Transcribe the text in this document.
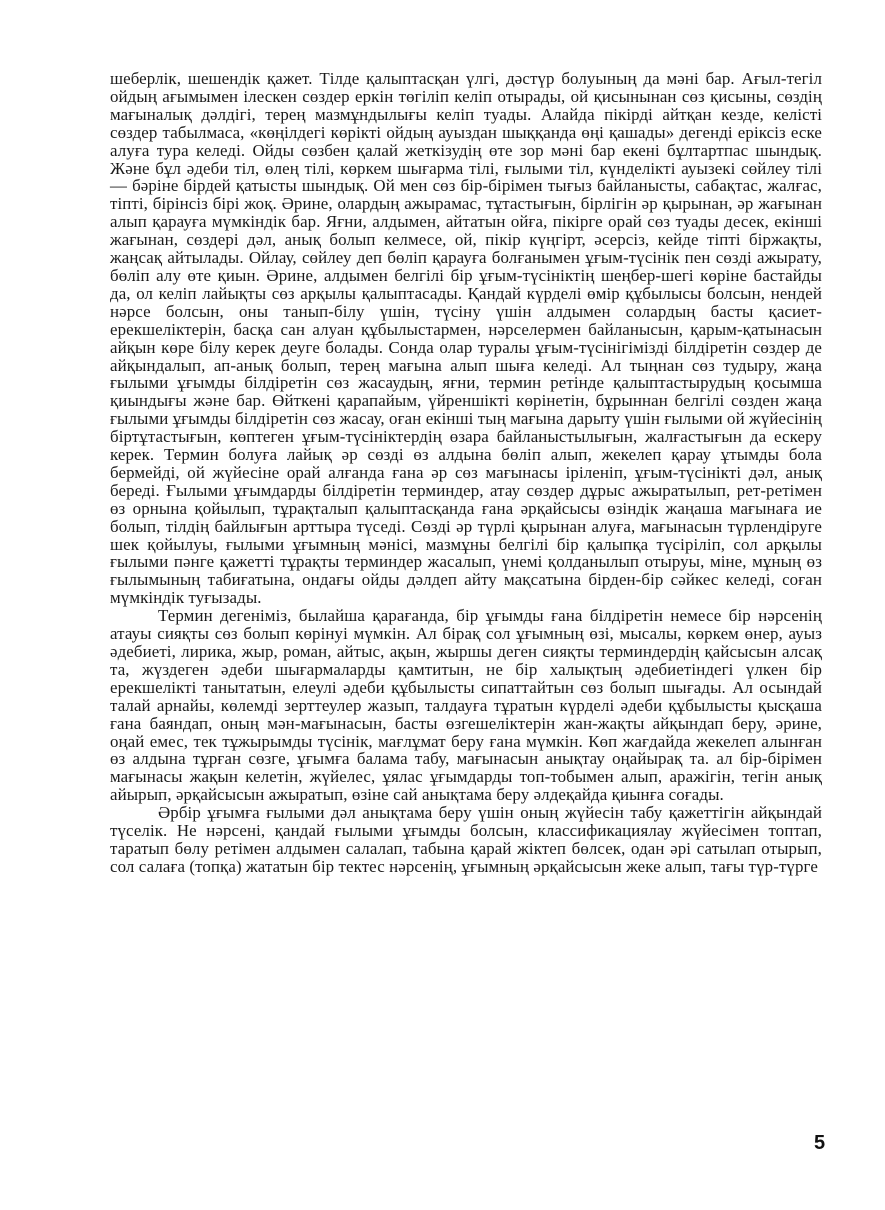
шеберлік, шешендік қажет. Тілде қалыптасқан үлгі, дәстүр болуының да мәні бар. Ағыл-тегіл ойдың ағымымен ілескен сөздер еркін төгіліп келіп отырады, ой қисынынан сөз қисыны, сөздің мағыналық дәлдігі, терең мазмұндылығы келіп туады. Алайда пікірді айтқан кезде, келісті сөздер табылмаса, «көңілдегі көрікті ойдың ауыздан шыққанда өңі қашады» дегенді еріксіз еске алуға тура келеді. Ойды сөзбен қалай жеткізудің өте зор мәні бар екені бұлтартпас шындық. Және бұл әдеби тіл, өлең тілі, көркем шығарма тілі, ғылыми тіл, күнделікті ауызекі сөйлеу тілі — бәріне бірдей қатысты шындық. Ой мен сөз бір-бірімен тығыз байланысты, сабақтас, жалғас, тіпті, бірінсіз бірі жоқ. Әрине, олардың ажырамас, тұтастығын, бірлігін әр қырынан, әр жағынан алып қарауға мүмкіндік бар. Яғни, алдымен, айтатын ойға, пікірге орай сөз туады десек, екінші жағынан, сөздері дәл, анық болып келмесе, ой, пікір күңгірт, әсерсіз, кейде тіпті біржақты, жаңсақ айтылады. Ойлау, сөйлеу деп бөліп қарауға болғанымен ұғым-түсінік пен сөзді ажырату, бөліп алу өте қиын. Әрине, алдымен белгілі бір ұғым-түсініктің шеңбер-шегі көріне бастайды да, ол келіп лайықты сөз арқылы қалыптасады. Қандай күрделі өмір құбылысы болсын, нендей нәрсе болсын, оны танып-білу үшін, түсіну үшін алдымен солардың басты қасиет-ерекшеліктерін, басқа сан алуан құбылыстармен, нәрселермен байланысын, қарым-қатынасын айқын көре білу керек деуге болады. Сонда олар туралы ұғым-түсінігімізді білдіретін сөздер де айқындалып, ап-анық болып, терең мағына алып шыға келеді. Ал тыңнан сөз тудыру, жаңа ғылыми ұғымды білдіретін сөз жасаудың, яғни, термин ретінде қалыптастырудың қосымша қиындығы және бар. Өйткені қарапайым, үйреншікті көрінетін, бұрыннан белгілі сөзден жаңа ғылыми ұғымды білдіретін сөз жасау, оған екінші тың мағына дарыту үшін ғылыми ой жүйесінің біртұтастығын, көптеген ұғым-түсініктердің өзара байланыстылығын, жалғастығын да ескеру керек. Термин болуға лайық әр сөзді өз алдына бөліп алып, жекелеп қарау ұтымды бола бермейді, ой жүйесіне орай алғанда ғана әр сөз мағынасы іріленіп, ұғым-түсінікті дәл, анық береді. Ғылыми ұғымдарды білдіретін терминдер, атау сөздер дұрыс ажыратылып, рет-ретімен өз орнына қойылып, тұрақталып қалыптасқанда ғана әрқайсысы өзіндік жаңаша мағынаға ие болып, тілдің байлығын арттыра түседі. Сөзді әр түрлі қырынан алуға, мағынасын түрлендіруге шек қойылуы, ғылыми ұғымның мәнісі, мазмұны белгілі бір қалыпқа түсіріліп, сол арқылы ғылыми пәнге қажетті тұрақты терминдер жасалып, үнемі қолданылып отыруы, міне, мұның өз ғылымының табиғатына, ондағы ойды дәлдеп айту мақсатына бірден-бір сәйкес келеді, соған мүмкіндік туғызады.

Термин дегеніміз, былайша қарағанда, бір ұғымды ғана білдіретін немесе бір нәрсенің атауы сияқты сөз болып көрінуі мүмкін. Ал бірақ сол ұғымның өзі, мысалы, көркем өнер, ауыз әдебиеті, лирика, жыр, роман, айтыс, ақын, жыршы деген сияқты терминдердің қайсысын алсақ та, жүздеген әдеби шығармаларды қамтитын, не бір халықтың әдебиетіндегі үлкен бір ерекшелікті танытатын, елеулі әдеби құбылысты сипаттайтын сөз болып шығады. Ал осындай талай арнайы, көлемді зерттеулер жазып, талдауға тұратын күрделі әдеби құбылысты қысқаша ғана баяндап, оның мән-мағынасын, басты өзгешеліктерін жан-жақты айқындап беру, әрине, оңай емес, тек тұжырымды түсінік, мағлұмат беру ғана мүмкін. Көп жағдайда жекелеп алынған өз алдына тұрған сөзге, ұғымға балама табу, мағынасын анықтау оңайырақ та. ал бір-бірімен мағынасы жақын келетін, жүйелес, ұялас ұғымдарды топ-тобымен алып, аражігін, тегін анық айырып, әрқайсысын ажыратып, өзіне сай анықтама беру әлдеқайда қиынға соғады.

Әрбір ұғымға ғылыми дәл анықтама беру үшін оның жүйесін табу қажеттігін айқындай түселік. Не нәрсені, қандай ғылыми ұғымды болсын, классификациялау жүйесімен топтап, таратып бөлу ретімен алдымен салалап, табына қарай жіктеп бөлсек, одан әрі сатылап отырып, сол салаға (топқа) жататын бір тектес нәрсенің, ұғымның әрқайсысын жеке алып, тағы түр-түрге

5
